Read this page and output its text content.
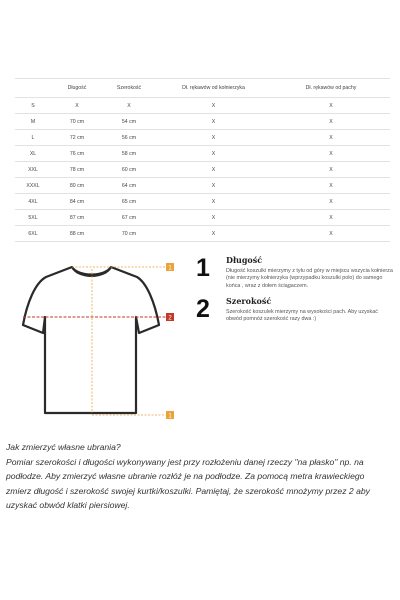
	Długość	Szerokość	Dł. rękawów od kołnierzyka	Dł. rękawów od pachy
S	X	X	X	X
M	70 cm	54 cm	X	X
L	72 cm	56 cm	X	X
XL	76 cm	58 cm	X	X
XXL	78 cm	60 cm	X	X
XXXL	80 cm	64 cm	X	X
4XL	84 cm	65 cm	X	X
5XL	87 cm	67 cm	X	X
6XL	88 cm	70 cm	X	X
1
2
1
1 Długość
Długość koszulki mierzymy z tyłu od góry w miejscu wszycia kołnierza (nie mierzymy kołnierzyka (wprzypadku koszulki polo) do samego końca , wraz z dołem ściągaczem.
2 Szerokość
Szerokość koszulek mierzymy na wysokości pach. Aby uzyskać obwód pomnóż szerokość razy dwa :)

Jak zmierzyć własne ubrania?

Pomiar szerokości i długości wykonywany jest przy rozłożeniu danej rzeczy "na płasko" np. na podłodze. Aby zmierzyć własne ubranie rozłóż je na podłodze. Za pomocą metra krawieckiego zmierz długość i szerokość swojej kurtki/koszulki. Pamiętaj, że szerokość mnożymy przez 2 aby uzyskać obwód klatki piersiowej.
